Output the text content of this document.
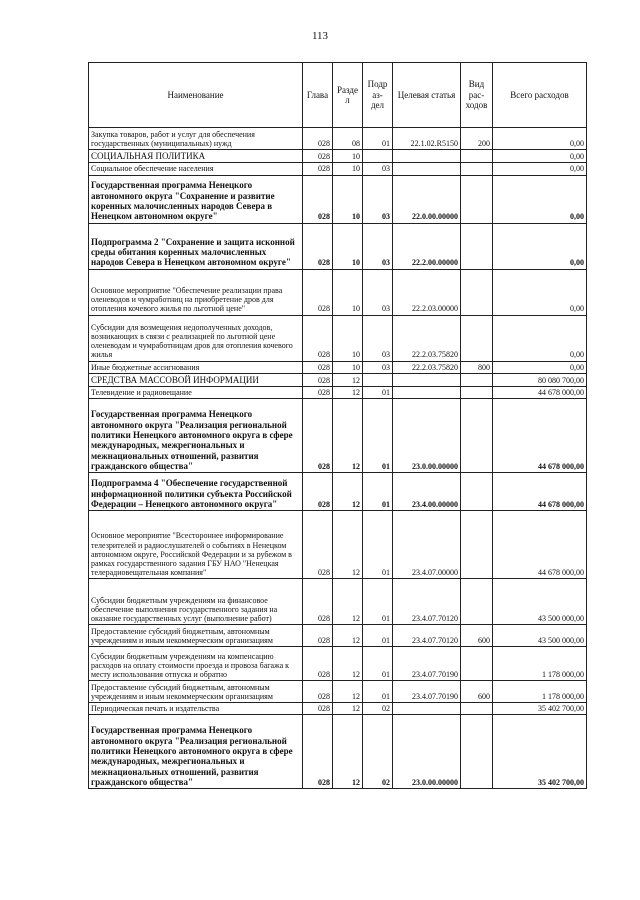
113
Наименование	Глава	Разде л	Подр аз- дел	Целевая статья	Вид рас- ходов	Всего расходов
Закупка товаров, работ и услуг для обеспечения государственных (муниципальных) нужд	028	08	01	22.1.02.R5150	200	0,00
СОЦИАЛЬНАЯ ПОЛИТИКА	028	10				0,00
Социальное обеспечение населения	028	10	03			0,00
Государственная программа Ненецкого автономного округа "Сохранение и развитие коренных малочисленных народов Севера в Ненецком автономном округе"	028	10	03	22.0.00.00000		0,00
Подпрограмма 2 "Сохранение и защита исконной среды обитания коренных малочисленных народов Севера в Ненецком автономном округе"	028	10	03	22.2.00.00000		0,00
Основное мероприятие "Обеспечение реализации права оленеводов и чумработниц на приобретение дров для отопления кочевого жилья по льготной цене"	028	10	03	22.2.03.00000		0,00
Субсидии для возмещения недополученных доходов, возникающих в связи с реализацией по льготной цене оленеводам и чумработницам дров для отопления кочевого жилья	028	10	03	22.2.03.75820		0,00
Иные бюджетные ассигнования	028	10	03	22.2.03.75820	800	0,00
СРЕДСТВА МАССОВОЙ ИНФОРМАЦИИ	028	12				80 080 700,00
Телевидение и радиовещание	028	12	01			44 678 000,00
Государственная программа Ненецкого автономного округа "Реализация региональной политики Ненецкого автономного округа в сфере международных, межрегиональных и межнациональных отношений, развития гражданского общества"	028	12	01	23.0.00.00000		44 678 000,00
Подпрограмма 4 "Обеспечение государственной информационной политики субъекта Российской Федерации – Ненецкого автономного округа"	028	12	01	23.4.00.00000		44 678 000,00
Основное мероприятие "Всестороннее информирование телезрителей и радиослушателей о событиях в Ненецком автономном округе, Российской Федерации и за рубежом в рамках государственного задания ГБУ НАО "Ненецкая телерадиовещательная компания"	028	12	01	23.4.07.00000		44 678 000,00
Субсидии бюджетным учреждениям на финансовое обеспечение выполнения государственного задания на оказание государственных услуг (выполнение работ)	028	12	01	23.4.07.70120		43 500 000,00
Предоставление субсидий бюджетным, автономным учреждениям и иным некоммерческим организациям	028	12	01	23.4.07.70120	600	43 500 000,00
Субсидии бюджетным учреждениям на компенсацию расходов на оплату стоимости проезда и провоза багажа к месту использования отпуска и обратно	028	12	01	23.4.07.70190		1 178 000,00
Предоставление субсидий бюджетным, автономным учреждениям и иным некоммерческим организациям	028	12	01	23.4.07.70190	600	1 178 000,00
Периодическая печать и издательства	028	12	02			35 402 700,00
Государственная программа Ненецкого автономного округа "Реализация региональной политики Ненецкого автономного округа в сфере международных, межрегиональных и межнациональных отношений, развития гражданского общества"	028	12	02	23.0.00.00000		35 402 700,00
